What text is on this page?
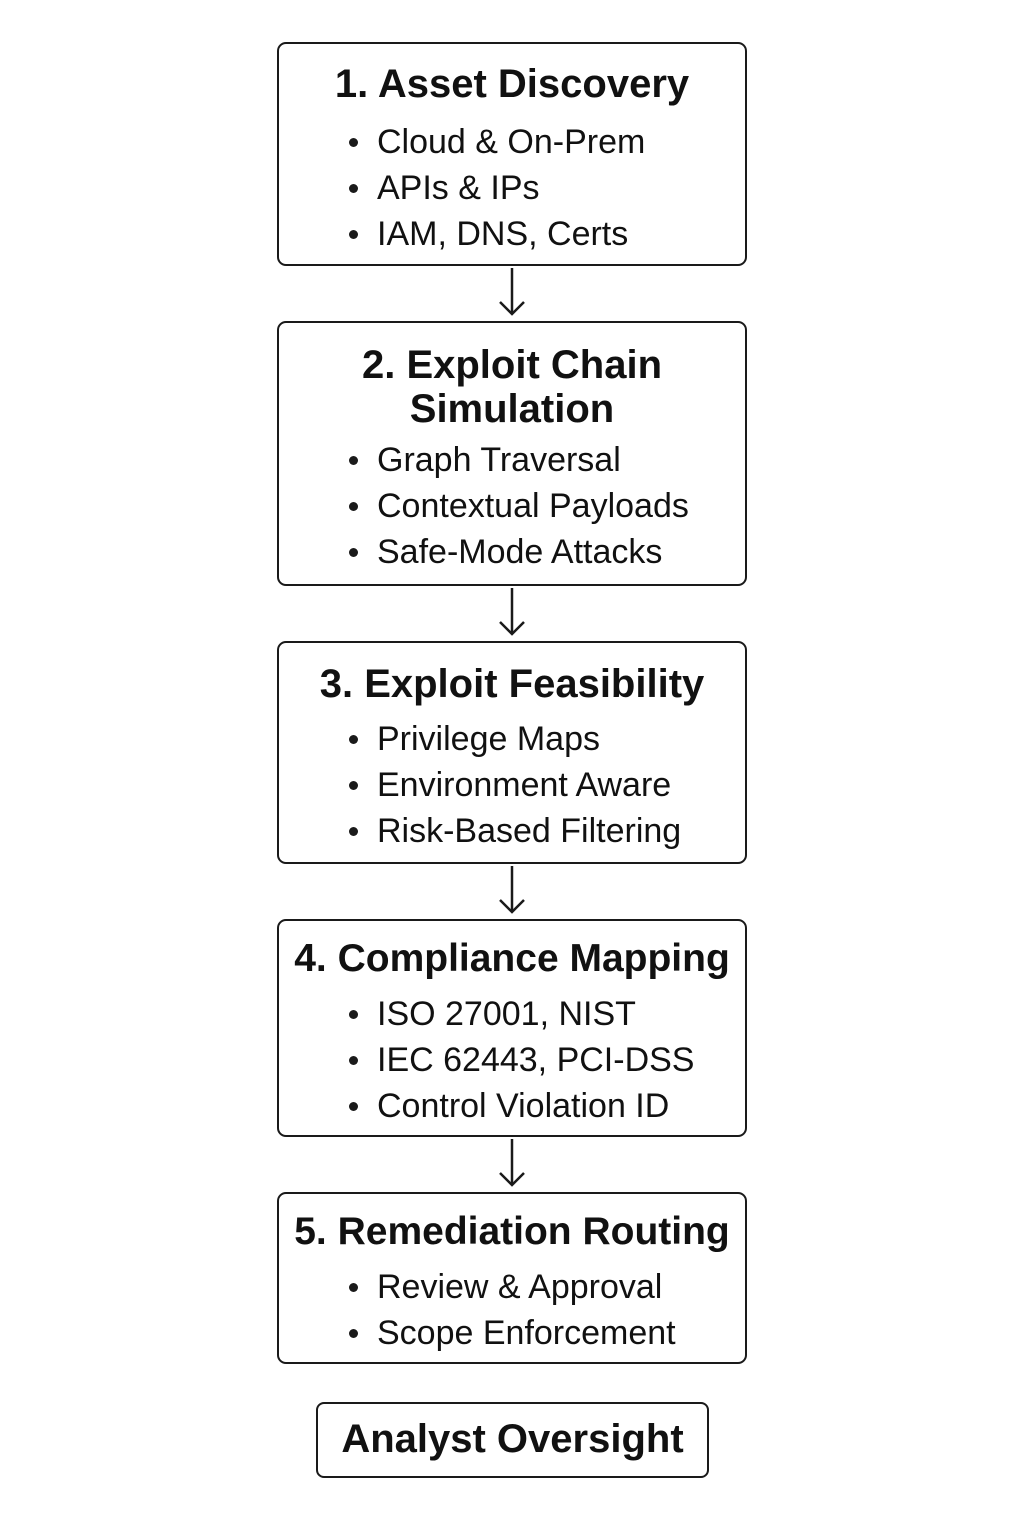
1. Asset Discovery
Cloud & On-Prem
APIs & IPs
IAM, DNS, Certs
2. Exploit Chain
Simulation
Graph Traversal
Contextual Payloads
Safe-Mode Attacks
3. Exploit Feasibility
Privilege Maps
Environment Aware
Risk-Based Filtering
4. Compliance Mapping
ISO 27001, NIST
IEC 62443, PCI-DSS
Control Violation ID
5. Remediation Routing
Review & Approval
Scope Enforcement
Analyst Oversight
